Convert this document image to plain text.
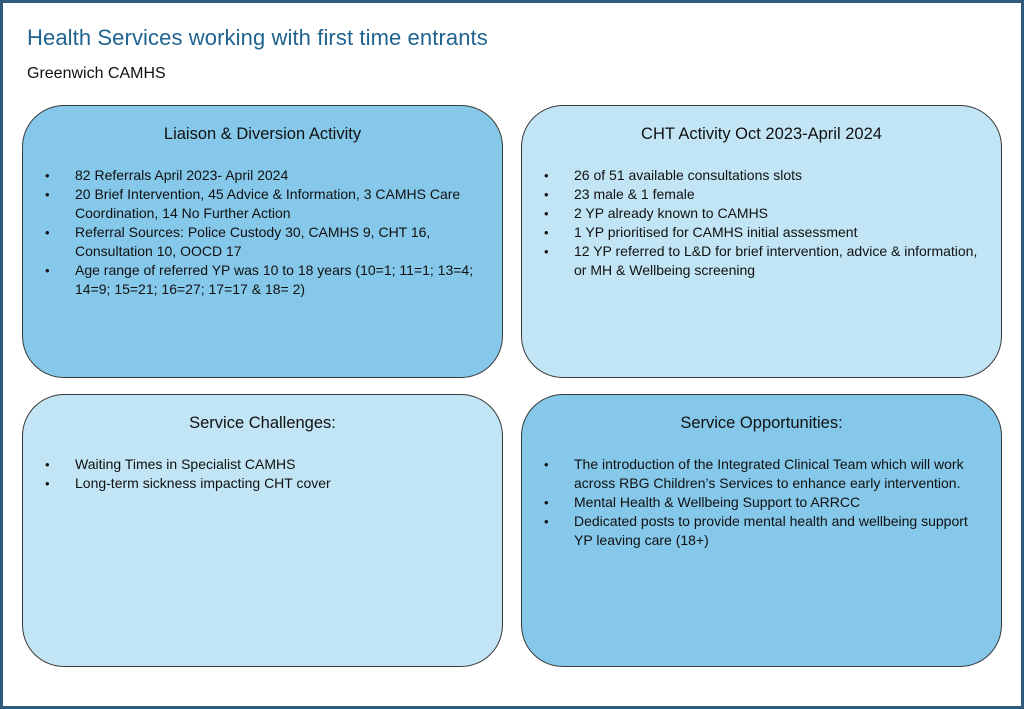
Health Services working with first time entrants
Greenwich CAMHS
Liaison & Diversion Activity
• 82 Referrals April 2023- April 2024
• 20 Brief Intervention, 45 Advice & Information, 3 CAMHS Care Coordination, 14 No Further Action
• Referral Sources: Police Custody 30, CAMHS 9, CHT 16, Consultation 10, OOCD 17
• Age range of referred YP was 10 to 18 years (10=1; 11=1; 13=4; 14=9; 15=21; 16=27; 17=17 & 18= 2)
CHT Activity Oct 2023-April 2024
• 26 of 51 available consultations slots
• 23 male & 1 female
• 2 YP already known to CAMHS
• 1 YP prioritised for CAMHS initial assessment
• 12 YP referred to L&D for brief intervention, advice & information, or MH & Wellbeing screening
Service Challenges:
• Waiting Times in Specialist CAMHS
• Long-term sickness impacting CHT cover
Service Opportunities:
• The introduction of the Integrated Clinical Team which will work across RBG Children’s Services to enhance early intervention.
• Mental Health & Wellbeing Support to ARRCC
• Dedicated posts to provide mental health and wellbeing support YP leaving care (18+)
